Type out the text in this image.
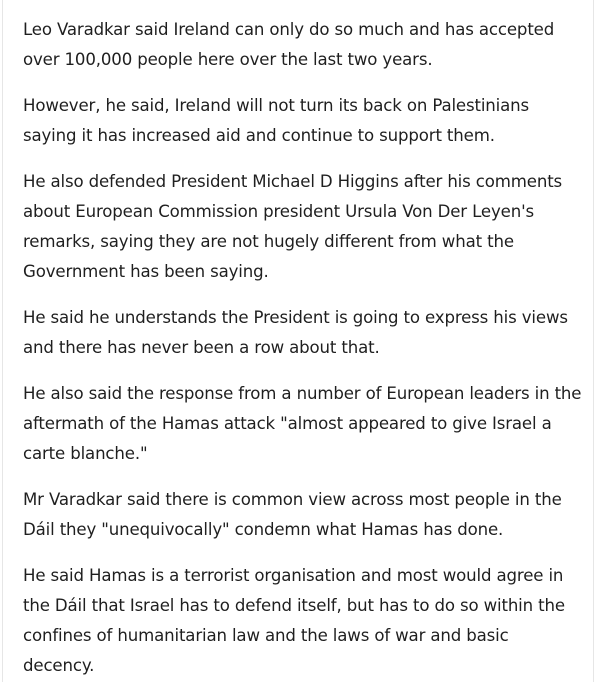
Leo Varadkar said Ireland can only do so much and has accepted over 100,000 people here over the last two years.

However, he said, Ireland will not turn its back on Palestinians saying it has increased aid and continue to support them.

He also defended President Michael D Higgins after his comments about European Commission president Ursula Von Der Leyen's remarks, saying they are not hugely different from what the Government has been saying.

He said he understands the President is going to express his views and there has never been a row about that.

He also said the response from a number of European leaders in the aftermath of the Hamas attack "almost appeared to give Israel a carte blanche."

Mr Varadkar said there is common view across most people in the Dáil they "unequivocally" condemn what Hamas has done.

He said Hamas is a terrorist organisation and most would agree in the Dáil that Israel has to defend itself, but has to do so within the confines of humanitarian law and the laws of war and basic decency.
